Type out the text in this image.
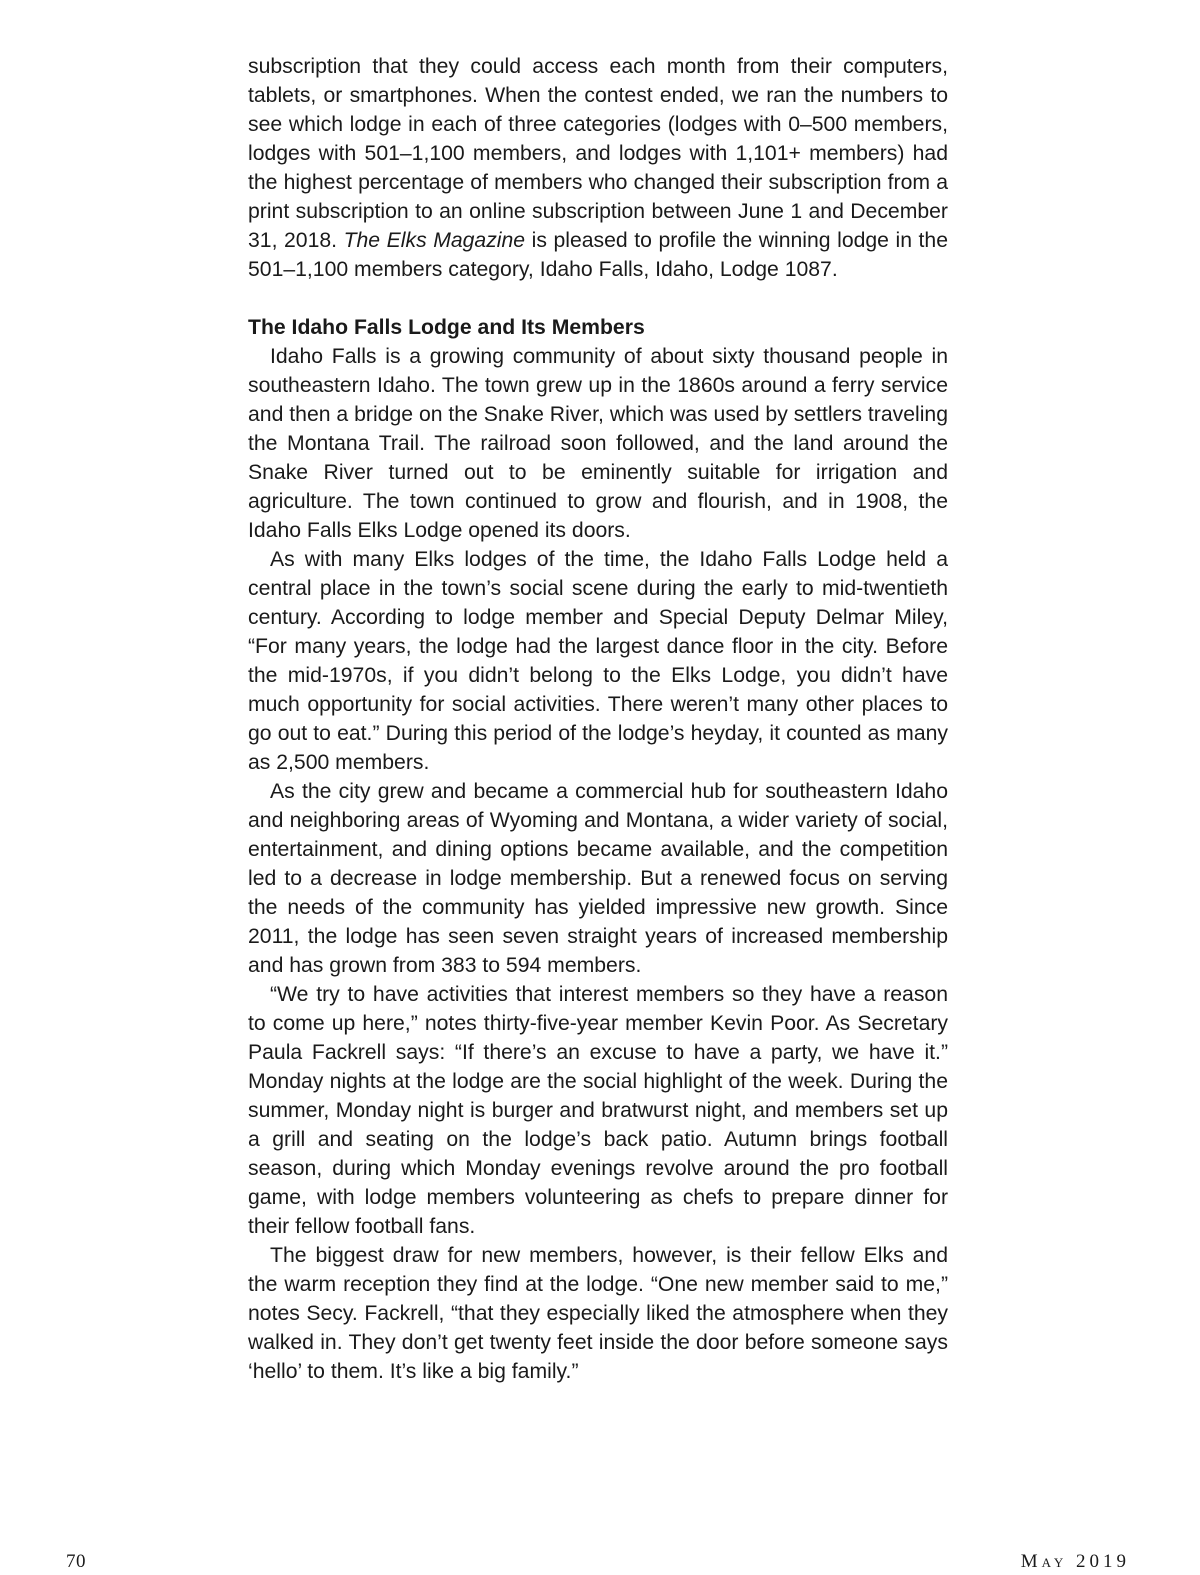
subscription that they could access each month from their computers, tablets, or smartphones. When the contest ended, we ran the numbers to see which lodge in each of three categories (lodges with 0–500 members, lodges with 501–1,100 members, and lodges with 1,101+ members) had the highest percentage of members who changed their subscription from a print subscription to an online subscription between June 1 and December 31, 2018. The Elks Magazine is pleased to profile the winning lodge in the 501–1,100 members category, Idaho Falls, Idaho, Lodge 1087.

The Idaho Falls Lodge and Its Members

Idaho Falls is a growing community of about sixty thousand people in southeastern Idaho. The town grew up in the 1860s around a ferry service and then a bridge on the Snake River, which was used by settlers traveling the Montana Trail. The railroad soon followed, and the land around the Snake River turned out to be eminently suitable for irrigation and agriculture. The town continued to grow and flourish, and in 1908, the Idaho Falls Elks Lodge opened its doors.

As with many Elks lodges of the time, the Idaho Falls Lodge held a central place in the town’s social scene during the early to mid-twentieth century. According to lodge member and Special Deputy Delmar Miley, “For many years, the lodge had the largest dance floor in the city. Before the mid-1970s, if you didn’t belong to the Elks Lodge, you didn’t have much opportunity for social activities. There weren’t many other places to go out to eat.” During this period of the lodge’s heyday, it counted as many as 2,500 members.

As the city grew and became a commercial hub for southeastern Idaho and neighboring areas of Wyoming and Montana, a wider variety of social, entertainment, and dining options became available, and the competition led to a decrease in lodge membership. But a renewed focus on serving the needs of the community has yielded impressive new growth. Since 2011, the lodge has seen seven straight years of increased membership and has grown from 383 to 594 members.

“We try to have activities that interest members so they have a reason to come up here,” notes thirty-five-year member Kevin Poor. As Secretary Paula Fackrell says: “If there’s an excuse to have a party, we have it.” Monday nights at the lodge are the social highlight of the week. During the summer, Monday night is burger and bratwurst night, and members set up a grill and seating on the lodge’s back patio. Autumn brings football season, during which Monday evenings revolve around the pro football game, with lodge members volunteering as chefs to prepare dinner for their fellow football fans.

The biggest draw for new members, however, is their fellow Elks and the warm reception they find at the lodge. “One new member said to me,” notes Secy. Fackrell, “that they especially liked the atmosphere when they walked in. They don’t get twenty feet inside the door before someone says ‘hello’ to them. It’s like a big family.”

70	May 2019
